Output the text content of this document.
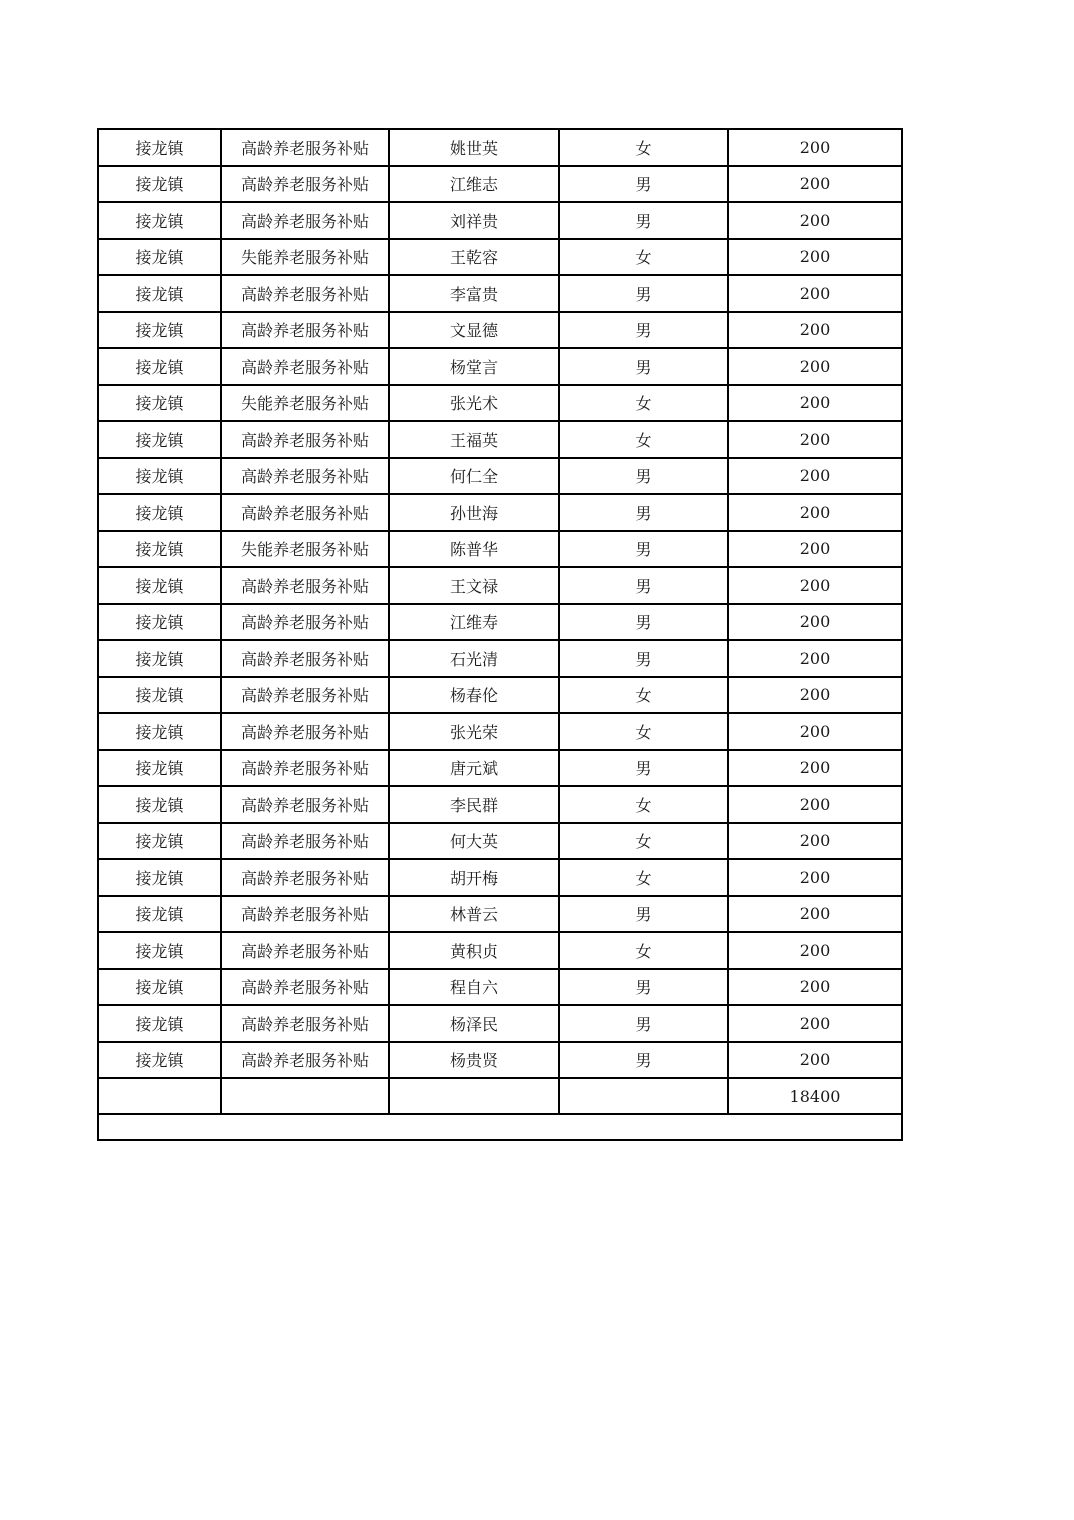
接龙镇	高龄养老服务补贴	姚世英	女	200
接龙镇	高龄养老服务补贴	江维志	男	200
接龙镇	高龄养老服务补贴	刘祥贵	男	200
接龙镇	失能养老服务补贴	王乾容	女	200
接龙镇	高龄养老服务补贴	李富贵	男	200
接龙镇	高龄养老服务补贴	文显德	男	200
接龙镇	高龄养老服务补贴	杨堂言	男	200
接龙镇	失能养老服务补贴	张光术	女	200
接龙镇	高龄养老服务补贴	王福英	女	200
接龙镇	高龄养老服务补贴	何仁全	男	200
接龙镇	高龄养老服务补贴	孙世海	男	200
接龙镇	失能养老服务补贴	陈普华	男	200
接龙镇	高龄养老服务补贴	王文禄	男	200
接龙镇	高龄养老服务补贴	江维寿	男	200
接龙镇	高龄养老服务补贴	石光清	男	200
接龙镇	高龄养老服务补贴	杨春伦	女	200
接龙镇	高龄养老服务补贴	张光荣	女	200
接龙镇	高龄养老服务补贴	唐元斌	男	200
接龙镇	高龄养老服务补贴	李民群	女	200
接龙镇	高龄养老服务补贴	何大英	女	200
接龙镇	高龄养老服务补贴	胡开梅	女	200
接龙镇	高龄养老服务补贴	林普云	男	200
接龙镇	高龄养老服务补贴	黄积贞	女	200
接龙镇	高龄养老服务补贴	程自六	男	200
接龙镇	高龄养老服务补贴	杨泽民	男	200
接龙镇	高龄养老服务补贴	杨贵贤	男	200
				18400
